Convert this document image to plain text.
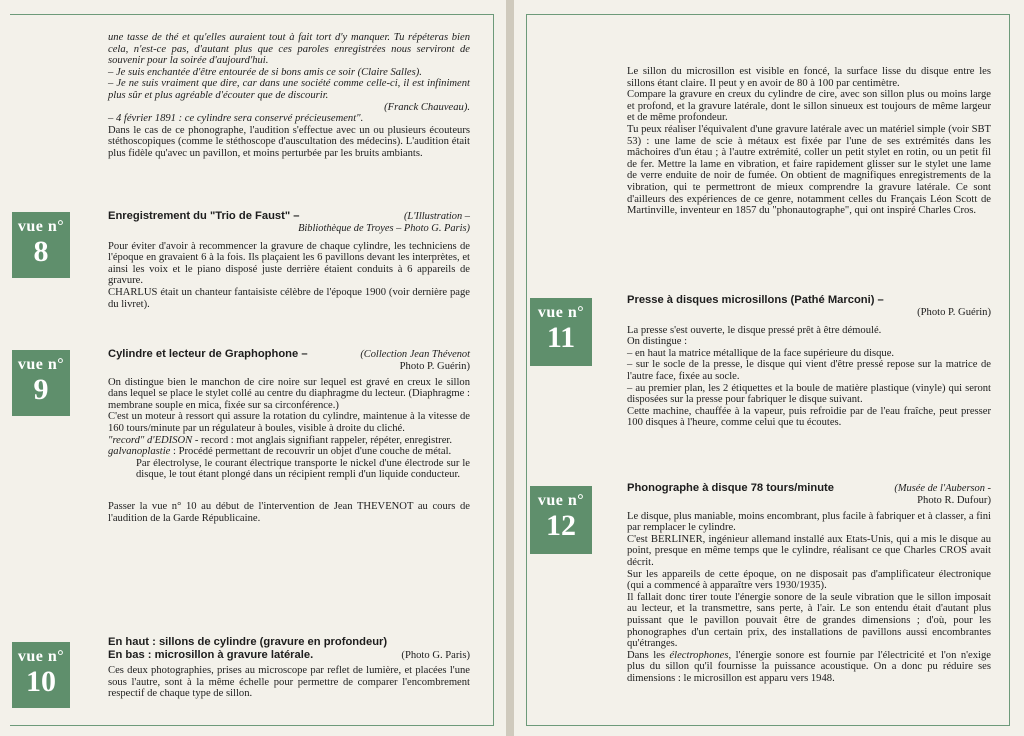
une tasse de thé et qu'elles auraient tout à fait tort d'y manquer. Tu répéteras bien cela, n'est-ce pas, d'autant plus que ces paroles enregistrées nous serviront de souvenir pour la soirée d'aujourd'hui.

– Je suis enchantée d'être entourée de si bons amis ce soir (Claire Salles).

– Je ne suis vraiment que dire, car dans une société comme celle-ci, il est infiniment plus sûr et plus agréable d'écouter que de discourir.

(Franck Chauveau).

– 4 février 1891 : ce cylindre sera conservé précieusement".

Dans le cas de ce phonographe, l'audition s'effectue avec un ou plusieurs écouteurs stéthoscopiques (comme le stéthoscope d'auscultation des médecins). L'audition était plus fidèle qu'avec un pavillon, et moins perturbée par les bruits ambiants.

vue n°
8
Enregistrement du "Trio de Faust" –	(L'Illustration –

Bibliothèque de Troyes – Photo G. Paris)

Pour éviter d'avoir à recommencer la gravure de chaque cylindre, les techniciens de l'époque en gravaient 6 à la fois. Ils plaçaient les 6 pavillons devant les interprètes, et ainsi les voix et le piano disposé juste derrière étaient conduits à 6 appareils de gravure.

CHARLUS était un chanteur fantaisiste célèbre de l'époque 1900 (voir dernière page du livret).

vue n°
9
Cylindre et lecteur de Graphophone –	(Collection Jean Thévenot

Photo P. Guérin)

On distingue bien le manchon de cire noire sur lequel est gravé en creux le sillon dans lequel se place le stylet collé au centre du diaphragme du lecteur. (Diaphragme : membrane souple en mica, fixée sur sa circonférence.)

C'est un moteur à ressort qui assure la rotation du cylindre, maintenue à la vitesse de 160 tours/minute par un régulateur à boules, visible à droite du cliché.

"record" d'EDISON - record : mot anglais signifiant rappeler, répéter, enregistrer.

galvanoplastie : Procédé permettant de recouvrir un objet d'une couche de métal.

Par électrolyse, le courant électrique transporte le nickel d'une électrode sur le disque, le tout étant plongé dans un récipient rempli d'un liquide conducteur.

Passer la vue n° 10 au début de l'intervention de Jean THEVENOT au cours de l'audition de la Garde Républicaine.

vue n°
10

En haut : sillons de cylindre (gravure en profondeur)

En bas : microsillon à gravure latérale.	(Photo G. Paris)

Ces deux photographies, prises au microscope par reflet de lumière, et placées l'une sous l'autre, sont à la même échelle pour permettre de comparer l'encombrement respectif de chaque type de sillon.

Le sillon du microsillon est visible en foncé, la surface lisse du disque entre les sillons étant claire. Il peut y en avoir de 80 à 100 par centimètre.

Compare la gravure en creux du cylindre de cire, avec son sillon plus ou moins large et profond, et la gravure latérale, dont le sillon sinueux est toujours de même largeur et de même profondeur.

Tu peux réaliser l'équivalent d'une gravure latérale avec un matériel simple (voir SBT 53) : une lame de scie à métaux est fixée par l'une de ses extrémités dans les mâchoires d'un étau ; à l'autre extrémité, coller un petit stylet en rotin, ou un petit fil de fer. Mettre la lame en vibration, et faire rapidement glisser sur le stylet une lame de verre enduite de noir de fumée. On obtient de magnifiques enregistrements de la vibration, qui te permettront de mieux comprendre la gravure latérale. Ce sont d'ailleurs des expériences de ce genre, notamment celles du Français Léon Scott de Martinville, inventeur en 1857 du "phonautographe", qui ont inspiré Charles Cros.

vue n°
11

Presse à disques microsillons (Pathé Marconi) –

(Photo P. Guérin)

La presse s'est ouverte, le disque pressé prêt à être démoulé.

On distingue :

– en haut la matrice métallique de la face supérieure du disque.

– sur le socle de la presse, le disque qui vient d'être pressé repose sur la matrice de l'autre face, fixée au socle.

– au premier plan, les 2 étiquettes et la boule de matière plastique (vinyle) qui seront disposées sur la presse pour fabriquer le disque suivant.

Cette machine, chauffée à la vapeur, puis refroidie par de l'eau fraîche, peut presser 100 disques à l'heure, comme celui que tu écoutes.

vue n°
12
Phonographe à disque 78 tours/minute	(Musée de l'Auberson -

Photo R. Dufour)

Le disque, plus maniable, moins encombrant, plus facile à fabriquer et à classer, a fini par remplacer le cylindre.

C'est BERLINER, ingénieur allemand installé aux Etats-Unis, qui a mis le disque au point, presque en même temps que le cylindre, réalisant ce que Charles CROS avait décrit.

Sur les appareils de cette époque, on ne disposait pas d'amplificateur électronique (qui a commencé à apparaître vers 1930/1935).

Il fallait donc tirer toute l'énergie sonore de la seule vibration que le sillon imposait au lecteur, et la transmettre, sans perte, à l'air. Le son entendu était d'autant plus puissant que le pavillon pouvait être de grandes dimensions ; d'où, pour les phonographes d'un certain prix, des installations de pavillons aussi encombrantes qu'étranges.

Dans les électrophones, l'énergie sonore est fournie par l'électricité et l'on n'exige plus du sillon qu'il fournisse la puissance acoustique. On a donc pu réduire ses dimensions : le microsillon est apparu vers 1948.
